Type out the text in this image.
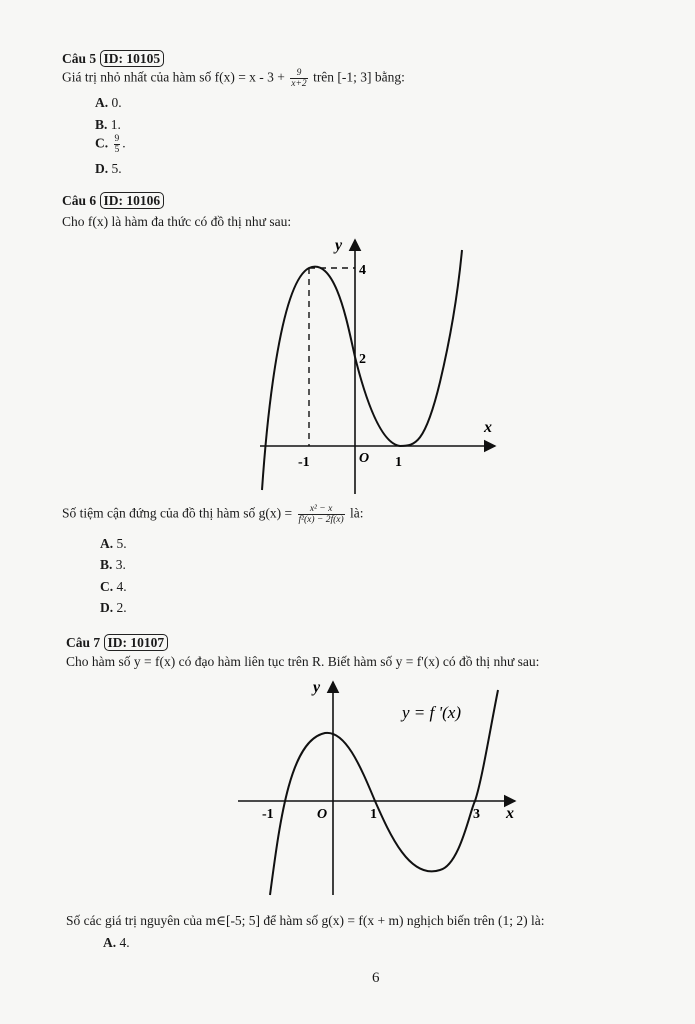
Câu 5 ID: 10105
Giá trị nhỏ nhất của hàm số $f(x) = x - 3 + \frac{9}{x+2}$ trên [-1; 3] bằng:
A. 0.
B. 1.
C. $\frac{9}{5}$ .
D. 5.
Câu 6 ID: 10106
Cho f(x) là hàm đa thức có đồ thị như sau:
y
x
4
2
-1	O 1
Số tiệm cận đứng của đồ thị hàm số $g(x) = \frac{\text{x² − x}}{\text{f²(x) − 2f(x)}}$ là:
A. 5.
B. 3.
C. 4.
D. 2.
Câu 7 ID: 10107
Cho hàm số y = f(x) có đạo hàm liên tục trên R. Biết hàm số y = f'(x) có đồ thị như sau:
y
x
y = f '(x)
-1	O	1	3
Số các giá trị nguyên của m∈[-5; 5] để hàm số g(x) = f(x + m) nghịch biến trên (1; 2) là:
A. 4.
6
